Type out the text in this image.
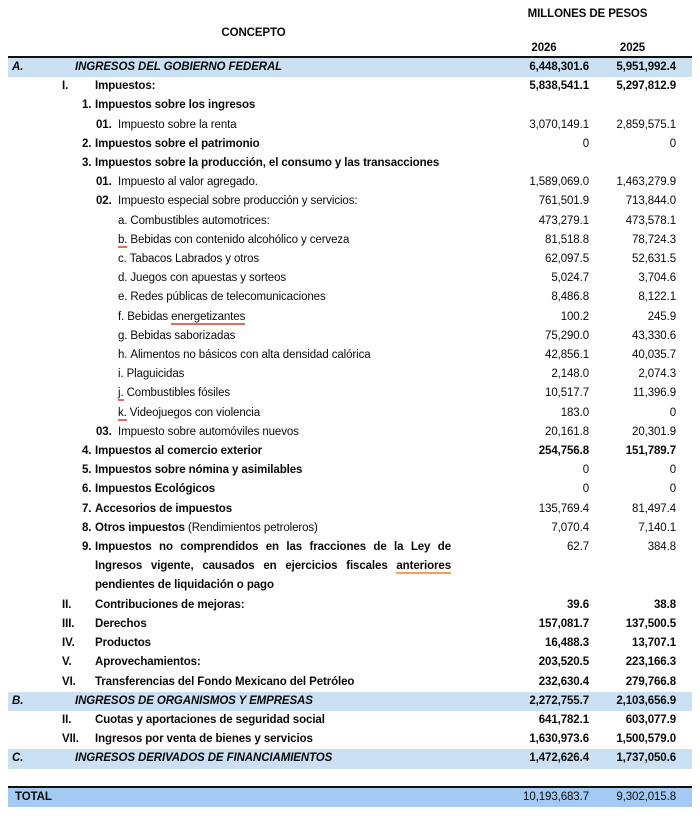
MILLONES DE PESOS
CONCEPTO
2026	2025
A.	INGRESOS DEL GOBIERNO FEDERAL	6,448,301.6	5,951,992.4
I. Impuestos:	5,838,541.1	5,297,812.9
1. Impuestos sobre los ingresos
01. Impuesto sobre la renta	3,070,149.1	2,859,575.1
2. Impuestos sobre el patrimonio	0	0
3. Impuestos sobre la producción, el consumo y las transacciones
01. Impuesto al valor agregado.	1,589,069.0	1,463,279.9
02. Impuesto especial sobre producción y servicios:	761,501.9	713,844.0
a. Combustibles automotrices:	473,279.1	473,578.1
b. Bebidas con contenido alcohólico y cerveza	81,518.8	78,724.3
c. Tabacos Labrados y otros	62,097.5	52,631.5
d. Juegos con apuestas y sorteos	5,024.7	3,704.6
e. Redes públicas de telecomunicaciones	8,486.8	8,122.1
f. Bebidas energetizantes	100.2	245.9
g. Bebidas saborizadas	75,290.0	43,330.6
h. Alimentos no básicos con alta densidad calórica	42,856.1	40,035.7
i. Plaguicidas	2,148.0	2,074.3
j. Combustibles fósiles	10,517.7	11,396.9
k. Videojuegos con violencia	183.0	0
03. Impuesto sobre automóviles nuevos	20,161.8	20,301.9
4. Impuestos al comercio exterior	254,756.8	151,789.7
5. Impuestos sobre nómina y asimilables	0	0
6. Impuestos Ecológicos	0	0
7. Accesorios de impuestos	135,769.4	81,497.4
8. Otros impuestos (Rendimientos petroleros)	7,070.4	7,140.1
9. Impuestos no comprendidos en las fracciones de la Ley de Ingresos vigente, causados en ejercicios fiscales anteriores pendientes de liquidación o pago
62.7	384.8
II. Contribuciones de mejoras:	39.6	38.8
III. Derechos	157,081.7	137,500.5
IV. Productos	16,488.3	13,707.1
V. Aprovechamientos:	203,520.5	223,166.3
VI. Transferencias del Fondo Mexicano del Petróleo	232,630.4	279,766.8
B.	INGRESOS DE ORGANISMOS Y EMPRESAS	2,272,755.7	2,103,656.9
II. Cuotas y aportaciones de seguridad social	641,782.1	603,077.9
VII. Ingresos por venta de bienes y servicios	1,630,973.6	1,500,579.0
C.	INGRESOS DERIVADOS DE FINANCIAMIENTOS	1,472,626.4	1,737,050.6
TOTAL	10,193,683.7	9,302,015.8
